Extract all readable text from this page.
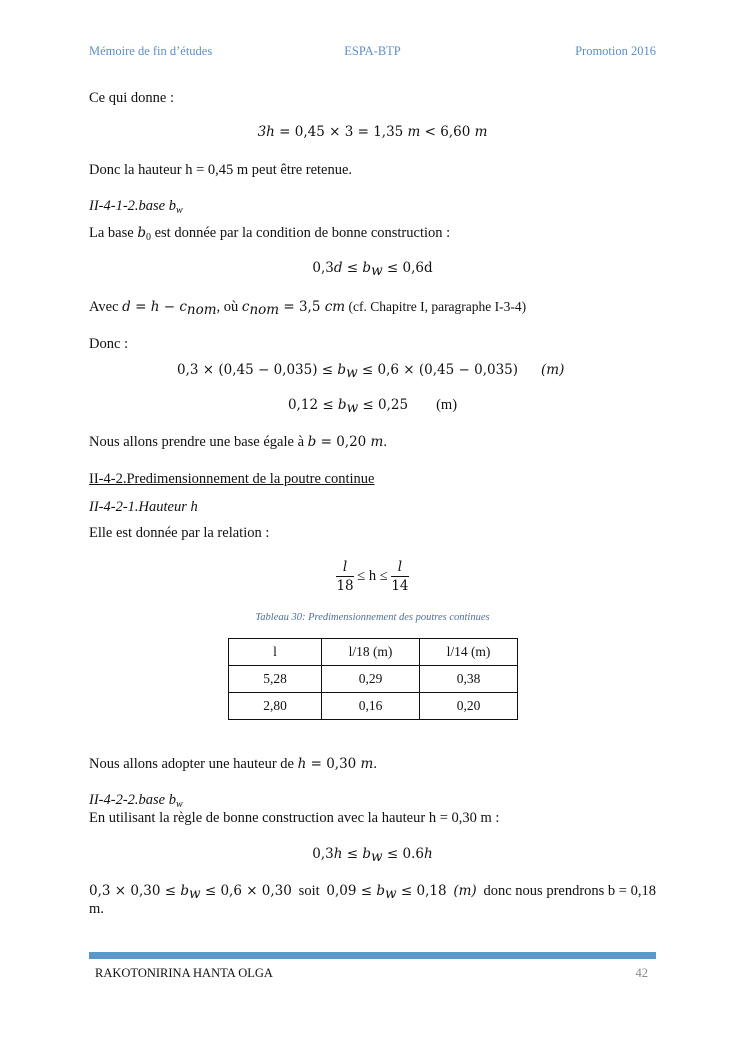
Mémoire de fin d’études	ESPA-BTP	Promotion 2016
Ce qui donne :
3h = 0,45 × 3 = 1,35 m < 6,60 m
Donc la hauteur h = 0,45 m peut être retenue.
II-4-1-2.base $b_w$
La base $b_0$ est donnée par la condition de bonne construction :
$0,3d \le b_w \le 0,6d$
Avec $d = h - c_{nom}$, où $c_{nom} = 3,5$ cm (cf. Chapitre I, paragraphe I-3-4)
Donc :
$0,3 \times (0,45 - 0,035) \le b_w \le 0,6 \times (0,45 - 0,035)$ (m)
$0,12 \le b_w \le 0,25$ (m)
Nous allons prendre une base égale à b = 0,20 m.
II-4-2.Predimensionnement de la poutre continue
II-4-2-1.Hauteur h
Elle est donnée par la relation :
$\frac{l}{18} \le h \le \frac{l}{14}$
Tableau 30: Predimensionnement des poutres continues
l	l/18 (m)	l/14 (m)
5,28	0,29	0,38
2,80	0,16	0,20
Nous allons adopter une hauteur de h = 0,30 m.
II-4-2-2.base $b_w$
En utilisant la règle de bonne construction avec la hauteur h = 0,30 m :
$0,3h \le b_w \le 0.6h$
$0,3 \times 0,30 \le b_w \le 0,6 \times 0,30$ soit $0,09 \le b_w \le 0,18$ (m) donc nous prendrons b = 0,18
m.
RAKOTONIRINA HANTA OLGA	42
